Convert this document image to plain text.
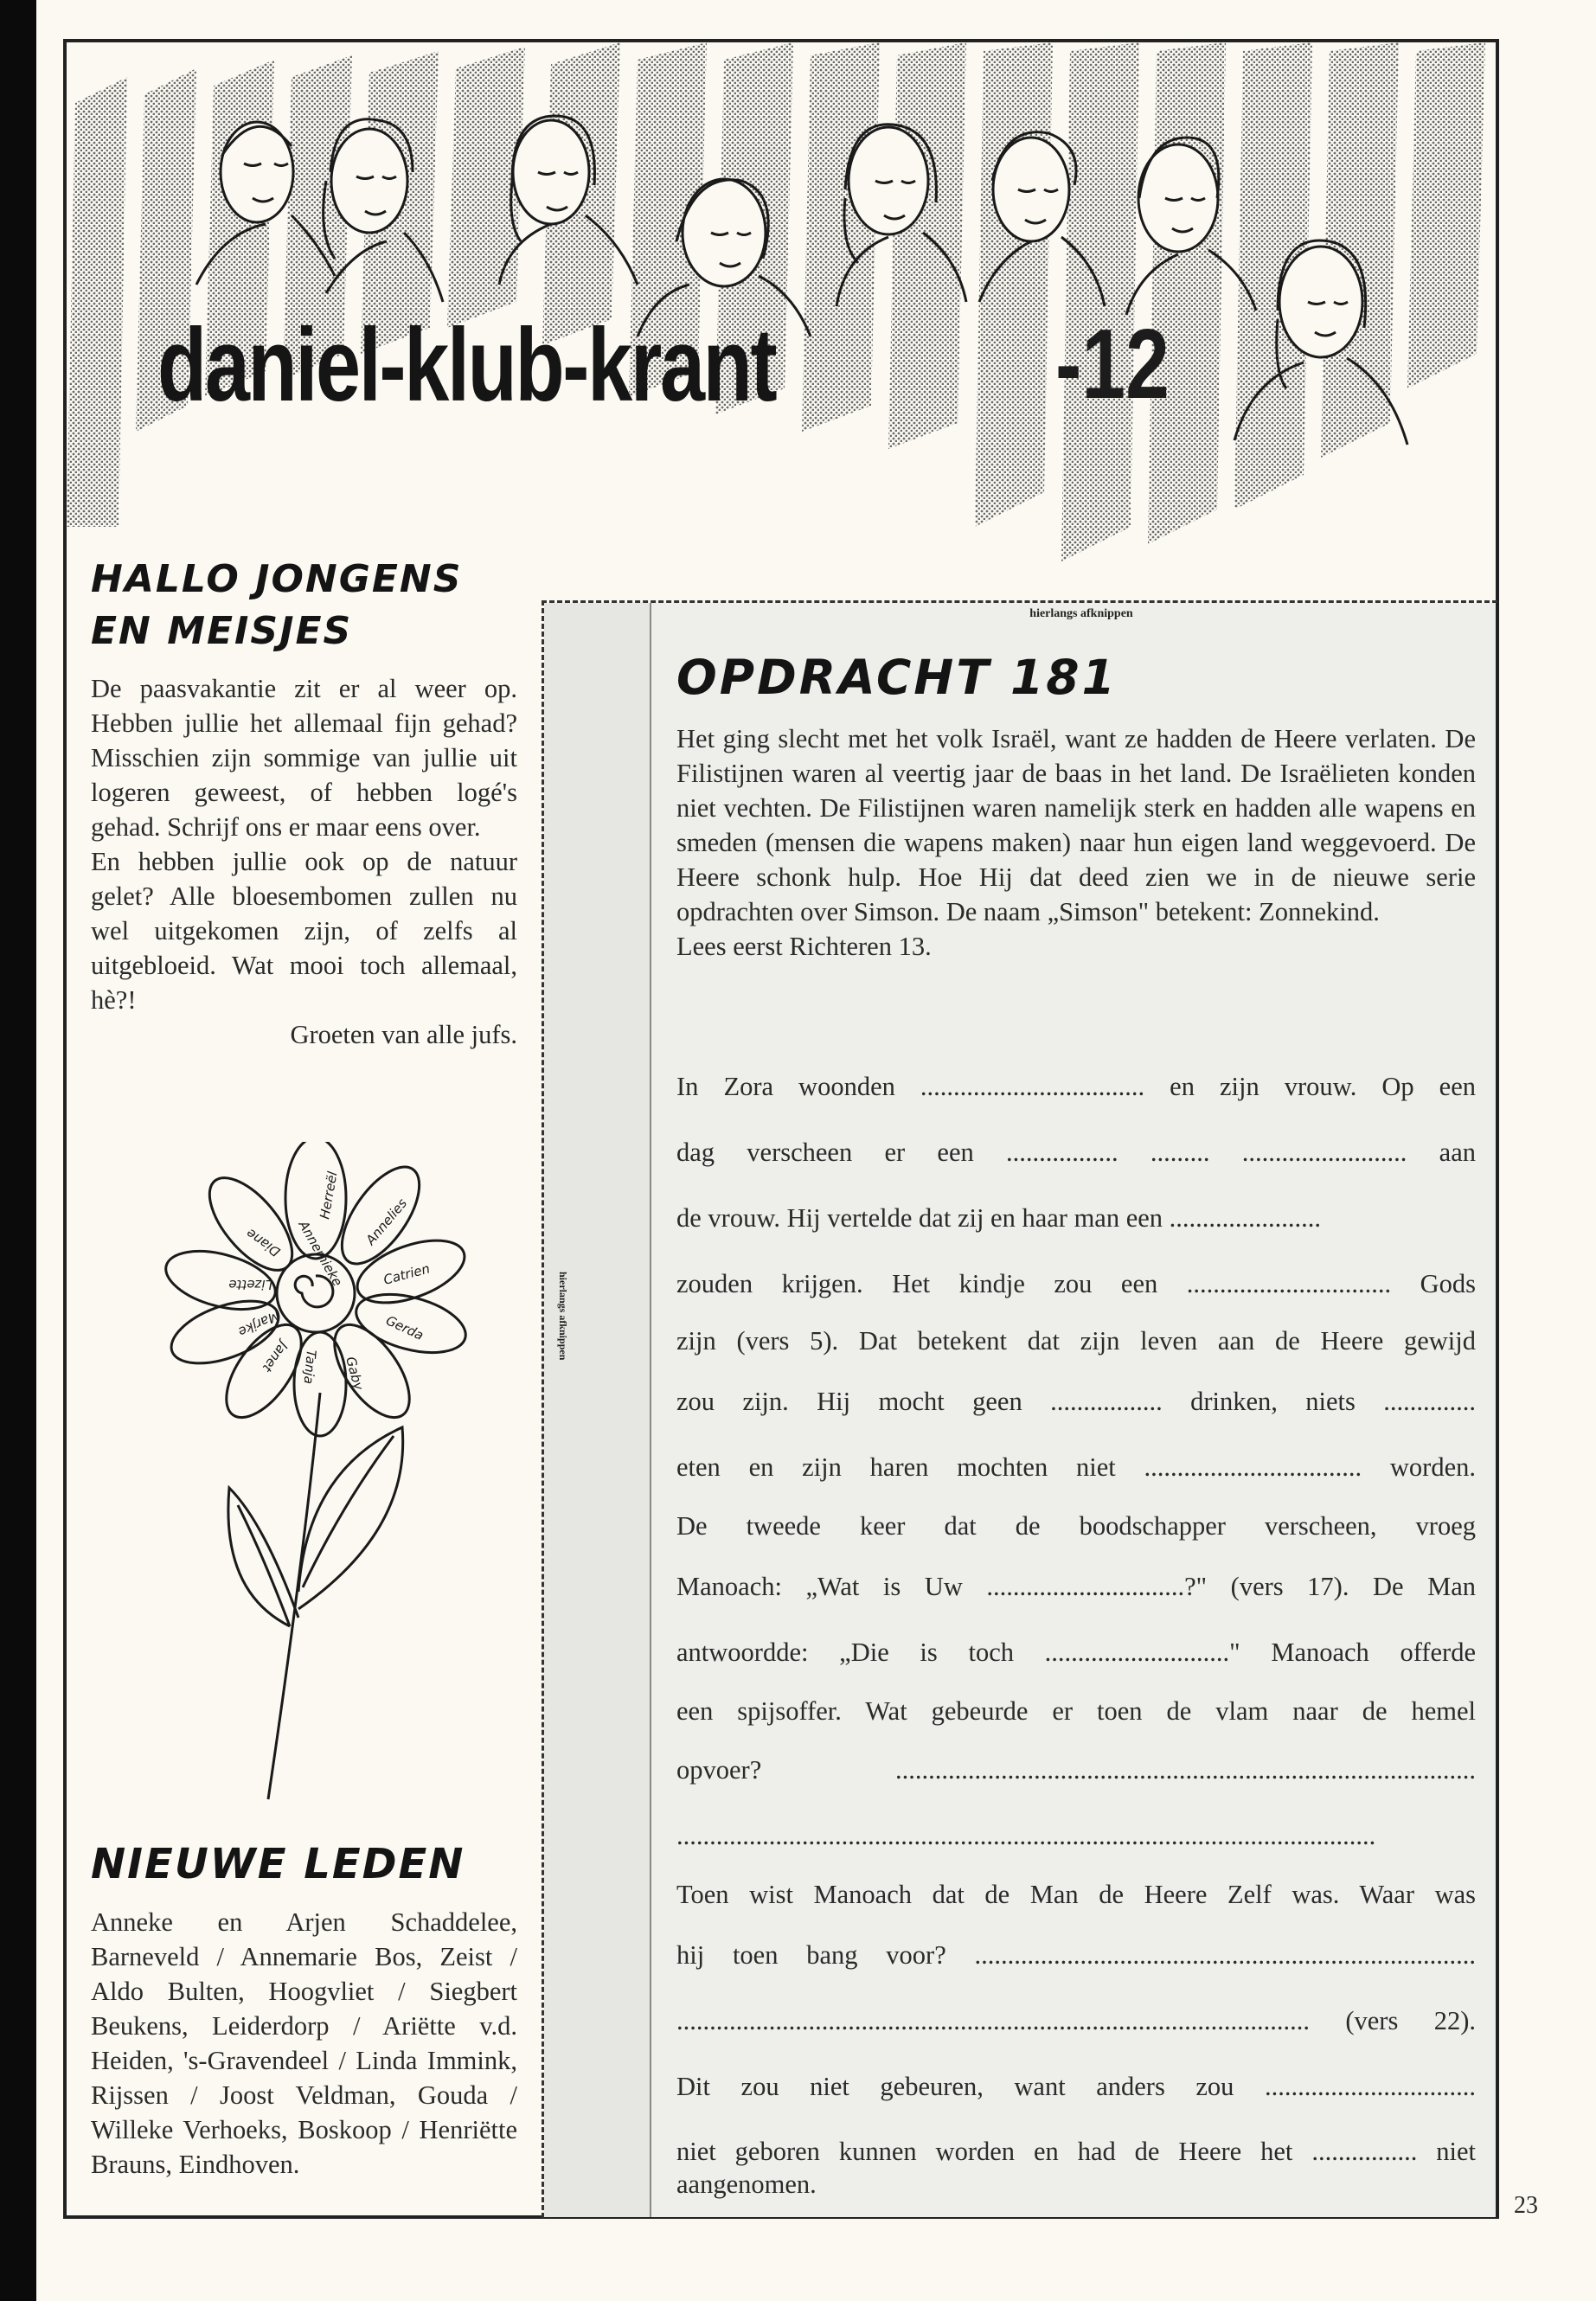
daniel-klub-krant	-12
HALLO JONGENS
EN MEISJES

De paasvakantie zit er al weer op. Hebben jullie het allemaal fijn gehad? Misschien zijn sommige van jullie uit logeren geweest, of hebben logé's gehad. Schrijf ons er maar eens over.

En hebben jullie ook op de natuur gelet? Alle bloesembomen zullen nu wel uitgekomen zijn, of zelfs al uitgebloeid. Wat mooi toch allemaal, hè?!

Groeten van alle jufs.

Herreël
Annelies
Catrien
Gerda
Gaby
Tanja
Janet
Marjke
Lizette
Diane Annemieke
NIEUWE LEDEN
Anneke en Arjen Schaddelee, Barneveld / Annemarie Bos, Zeist / Aldo Bulten, Hoogvliet / Siegbert Beukens, Leiderdorp / Ariëtte v.d. Heiden, 's-Gravendeel / Linda Immink, Rijssen / Joost Veldman, Gouda / Willeke Verhoeks, Boskoop / Henriëtte Brauns, Eindhoven.
hierlangs afknippen
hierlangs afknippen
OPDRACHT 181

Het ging slecht met het volk Israël, want ze hadden de Heere verlaten. De Filistijnen waren al veertig jaar de baas in het land. De Israëlieten konden niet vechten. De Filistijnen waren namelijk sterk en hadden alle wapens en smeden (mensen die wapens maken) naar hun eigen land weggevoerd. De Heere schonk hulp. Hoe Hij dat deed zien we in de nieuwe serie opdrachten over Simson. De naam „Simson" betekent: Zonnekind.

Lees eerst Richteren 13.

In Zora woonden .................................. en zijn vrouw. Op een
dag verscheen er een ................. ......... ......................... aan
de vrouw. Hij vertelde dat zij en haar man een .......................
zouden krijgen. Het kindje zou een ............................... Gods
zijn (vers 5). Dat betekent dat zijn leven aan de Heere gewijd
zou zijn. Hij mocht geen ................. drinken, niets ..............
eten en zijn haren mochten niet ................................. worden.
De tweede keer dat de boodschapper verscheen, vroeg
Manoach: „Wat is Uw ..............................?" (vers 17). De Man
antwoordde: „Die is toch ............................" Manoach offerde
een spijsoffer. Wat gebeurde er toen de vlam naar de hemel
opvoer? ........................................................................................
..........................................................................................................
Toen wist Manoach dat de Man de Heere Zelf was. Waar was
hij toen bang voor? ............................................................................
................................................................................................ (vers 22).
Dit zou niet gebeuren, want anders zou ................................
niet geboren kunnen worden en had de Heere het ................ niet aangenomen.
23
